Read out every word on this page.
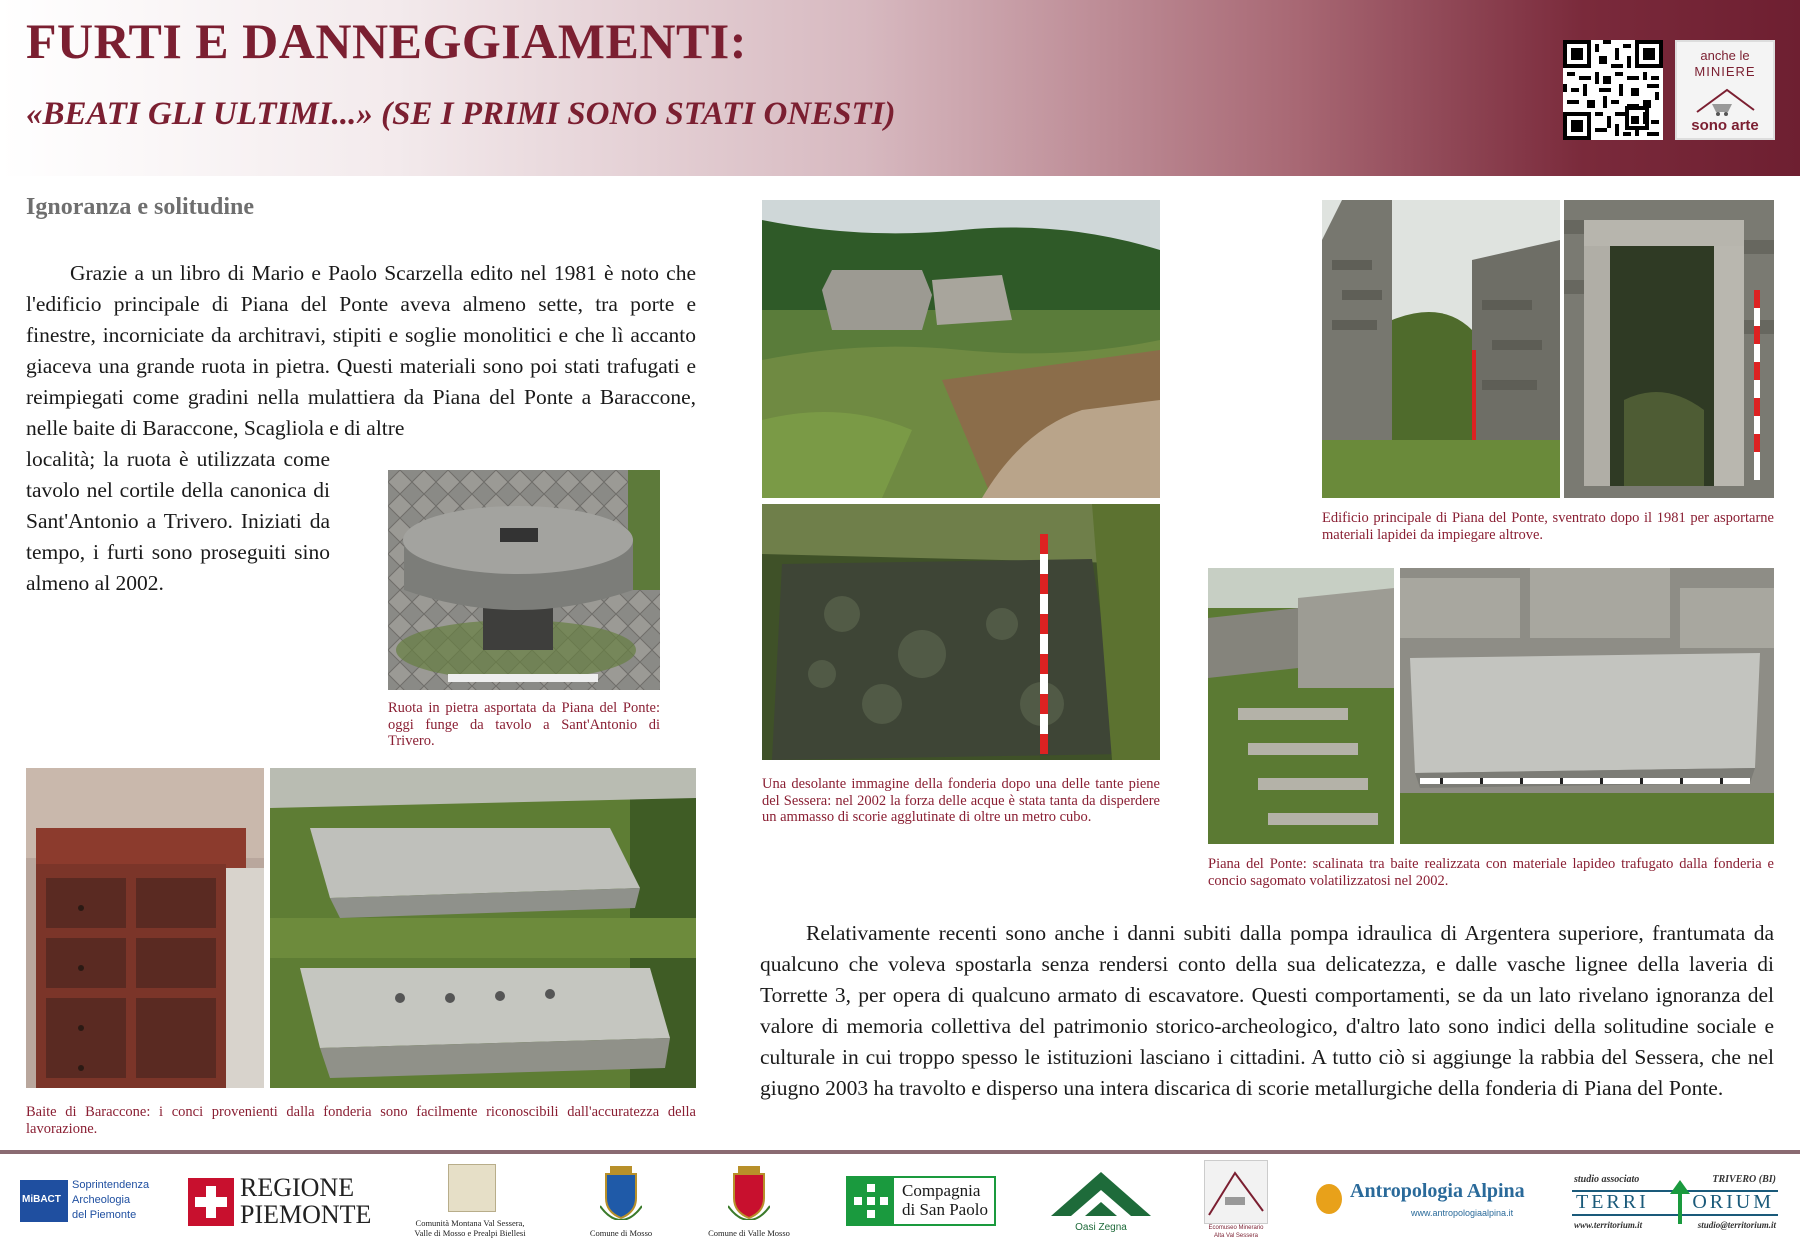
FURTI E DANNEGGIAMENTI:
«BEATI GLI ULTIMI...» (SE I PRIMI SONO STATI ONESTI)
anche le
MINIERE
sono arte
Ignoranza e solitudine

Grazie a un libro di Mario e Paolo Scarzella edito nel 1981 è noto che l'edificio principale di Piana del Ponte aveva almeno sette, tra porte e finestre, incorniciate da architravi, stipiti e soglie monolitici e che lì accanto giaceva una grande ruota in pietra. Questi materiali sono poi stati trafugati e reimpiegati come gradini nella mulattiera da Piana del Ponte a Baraccone, nelle baite di Baraccone, Scagliola e di altre

località; la ruota è utilizzata come tavolo nel cortile della canonica di Sant'Antonio a Trivero. Iniziati da tempo, i furti sono proseguiti sino almeno al 2002.

Ruota in pietra asportata da Piana del Ponte: oggi funge da tavolo a Sant'Antonio di Trivero.

Baite di Baraccone: i conci provenienti dalla fonderia sono facilmente riconoscibili dall'accuratezza della lavorazione.

Una desolante immagine della fonderia dopo una delle tante piene del Sessera: nel 2002 la forza delle acque è stata tanta da disperdere un ammasso di scorie agglutinate di oltre un metro cubo.

Edificio principale di Piana del Ponte, sventrato dopo il 1981 per asportarne materiali lapidei da impiegare altrove.

Piana del Ponte: scalinata tra baite realizzata con materiale lapideo trafugato dalla fonderia e concio sagomato volatilizzatosi nel 2002.

Relativamente recenti sono anche i danni subiti dalla pompa idraulica di Argentera superiore, frantumata da qualcuno che voleva spostarla senza rendersi conto della sua delicatezza, e dalle vasche lignee della laveria di Torrette 3, per opera di qualcuno armato di escavatore. Questi comportamenti, se da un lato rivelano ignoranza del valore di memoria collettiva del patrimonio storico-archeologico, d'altro lato sono indici della solitudine sociale e culturale in cui troppo spesso le istituzioni lasciano i cittadini. A tutto ciò si aggiunge la rabbia del Sessera, che nel giugno 2003 ha travolto e disperso una intera discarica di scorie metallurgiche della fonderia di Piana del Ponte.

MiBACT
Soprintendenza
Archeologia
del Piemonte
REGIONE
PIEMONTE	Comunità Montana Val Sessera,
Valle di Mosso e Prealpi Biellesi	Comune di Mosso	Comune di Valle Mosso
Compagnia
di San Paolo
Oasi Zegna	Ecomuseo Minerario
Alta Val Sessera
Antropologia Alpina
www.antropologiaalpina.it
studio associato	TRIVERO (BI)
TERRI ORIUM
www.territorium.it	studio@territorium.it
